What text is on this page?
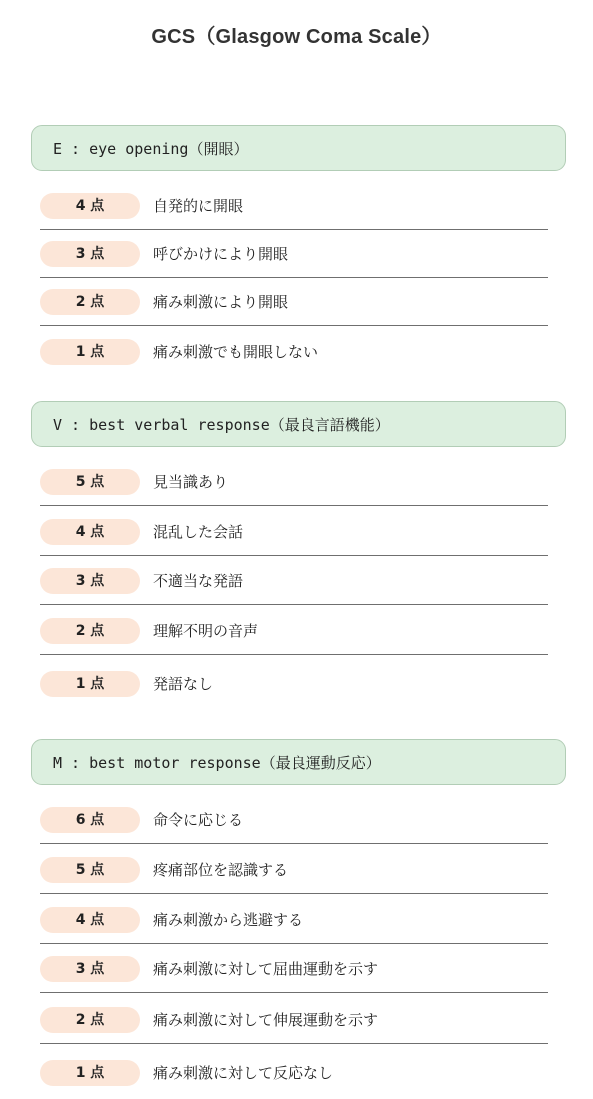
GCS（Glasgow Coma Scale）
E : eye opening（開眼）
4 点	自発的に開眼
3 点	呼びかけにより開眼
2 点	痛み刺激により開眼
1 点	痛み刺激でも開眼しない
V : best verbal response（最良言語機能）
5 点	見当識あり
4 点	混乱した会話
3 点	不適当な発語
2 点	理解不明の音声
1 点	発語なし
M : best motor response（最良運動反応）
6 点	命令に応じる
5 点	疼痛部位を認識する
4 点	痛み刺激から逃避する
3 点	痛み刺激に対して屈曲運動を示す
2 点	痛み刺激に対して伸展運動を示す
1 点	痛み刺激に対して反応なし
